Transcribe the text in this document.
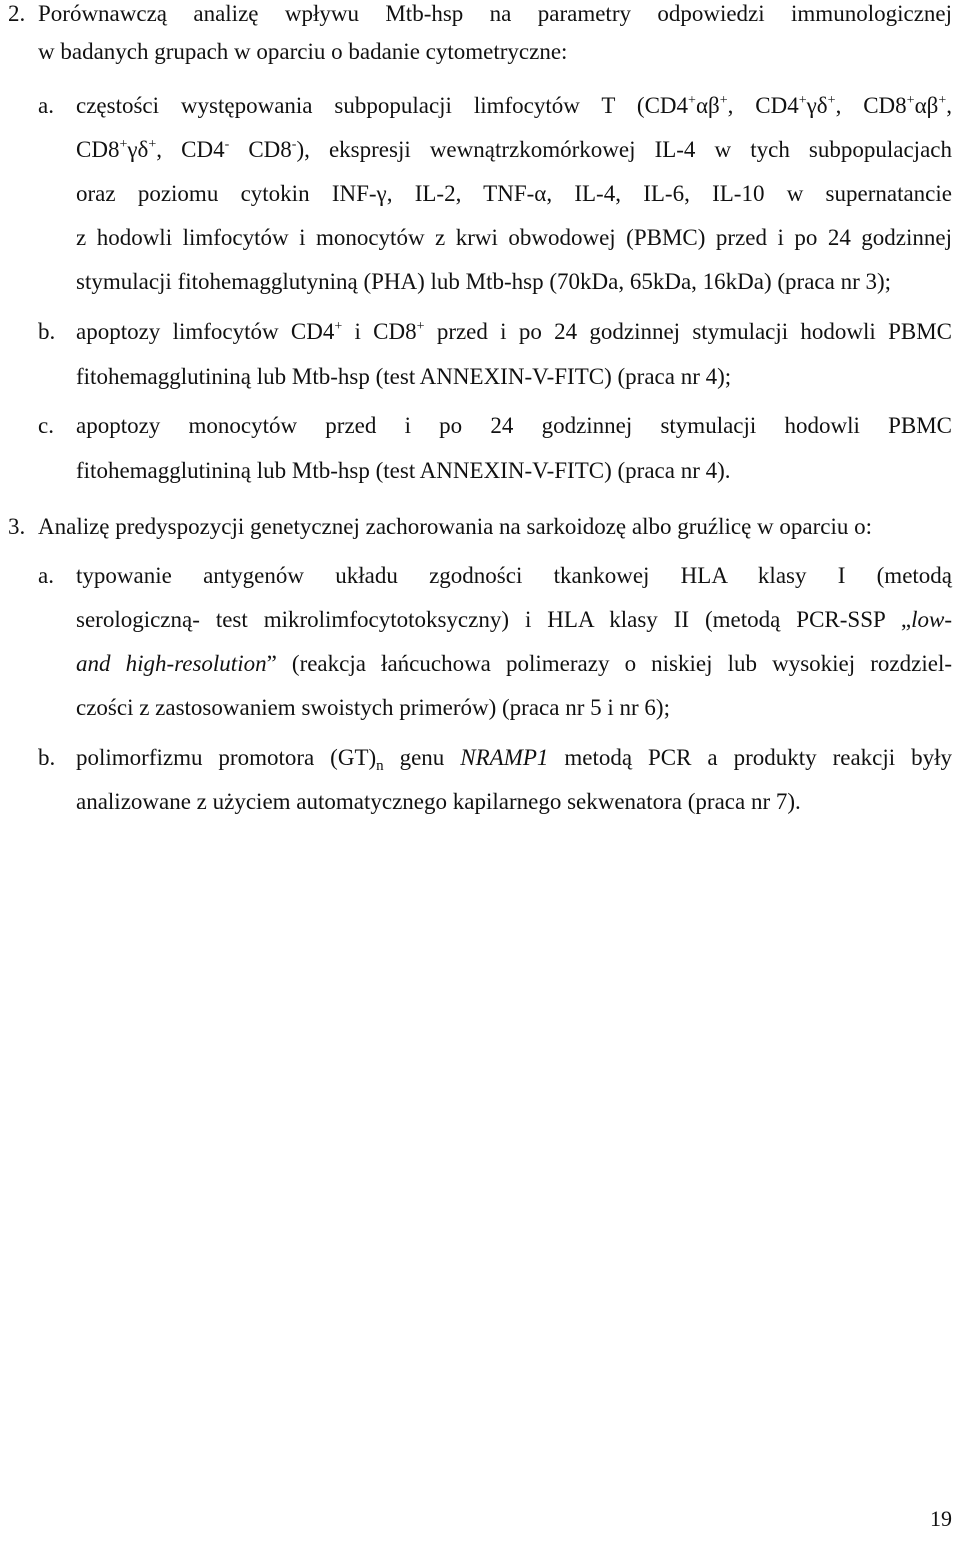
2. Porównawczą analizę wpływu Mtb-hsp na parametry odpowiedzi immunologicznej
w badanych grupach w oparciu o badanie cytometryczne:
a. częstości występowania subpopulacji limfocytów T (CD4+αβ+, CD4+γδ+, CD8+αβ+,
CD8+γδ+, CD4- CD8-), ekspresji wewnątrzkomórkowej IL-4 w tych subpopulacjach
oraz poziomu cytokin INF-γ, IL-2, TNF-α, IL-4, IL-6, IL-10 w supernatancie
z hodowli limfocytów i monocytów z krwi obwodowej (PBMC) przed i po 24 godzinnej
stymulacji fitohemagglutyniną (PHA) lub Mtb-hsp (70kDa, 65kDa, 16kDa) (praca nr 3);
b. apoptozy limfocytów CD4+ i CD8+ przed i po 24 godzinnej stymulacji hodowli PBMC
fitohemagglutininą lub Mtb-hsp (test ANNEXIN-V-FITC) (praca nr 4);
c. apoptozy monocytów przed i po 24 godzinnej stymulacji hodowli PBMC
fitohemagglutininą lub Mtb-hsp (test ANNEXIN-V-FITC) (praca nr 4).
3. Analizę predyspozycji genetycznej zachorowania na sarkoidozę albo gruźlicę w oparciu o:
a. typowanie antygenów układu zgodności tkankowej HLA klasy I (metodą
serologiczną- test mikrolimfocytotoksyczny) i HLA klasy II (metodą PCR-SSP „low-
and high-resolution” (reakcja łańcuchowa polimerazy o niskiej lub wysokiej rozdziel-
czości z zastosowaniem swoistych primerów) (praca nr 5 i nr 6);
b. polimorfizmu promotora $(GT)_n$ genu NRAMP1 metodą PCR a produkty reakcji były
analizowane z użyciem automatycznego kapilarnego sekwenatora (praca nr 7).
19
